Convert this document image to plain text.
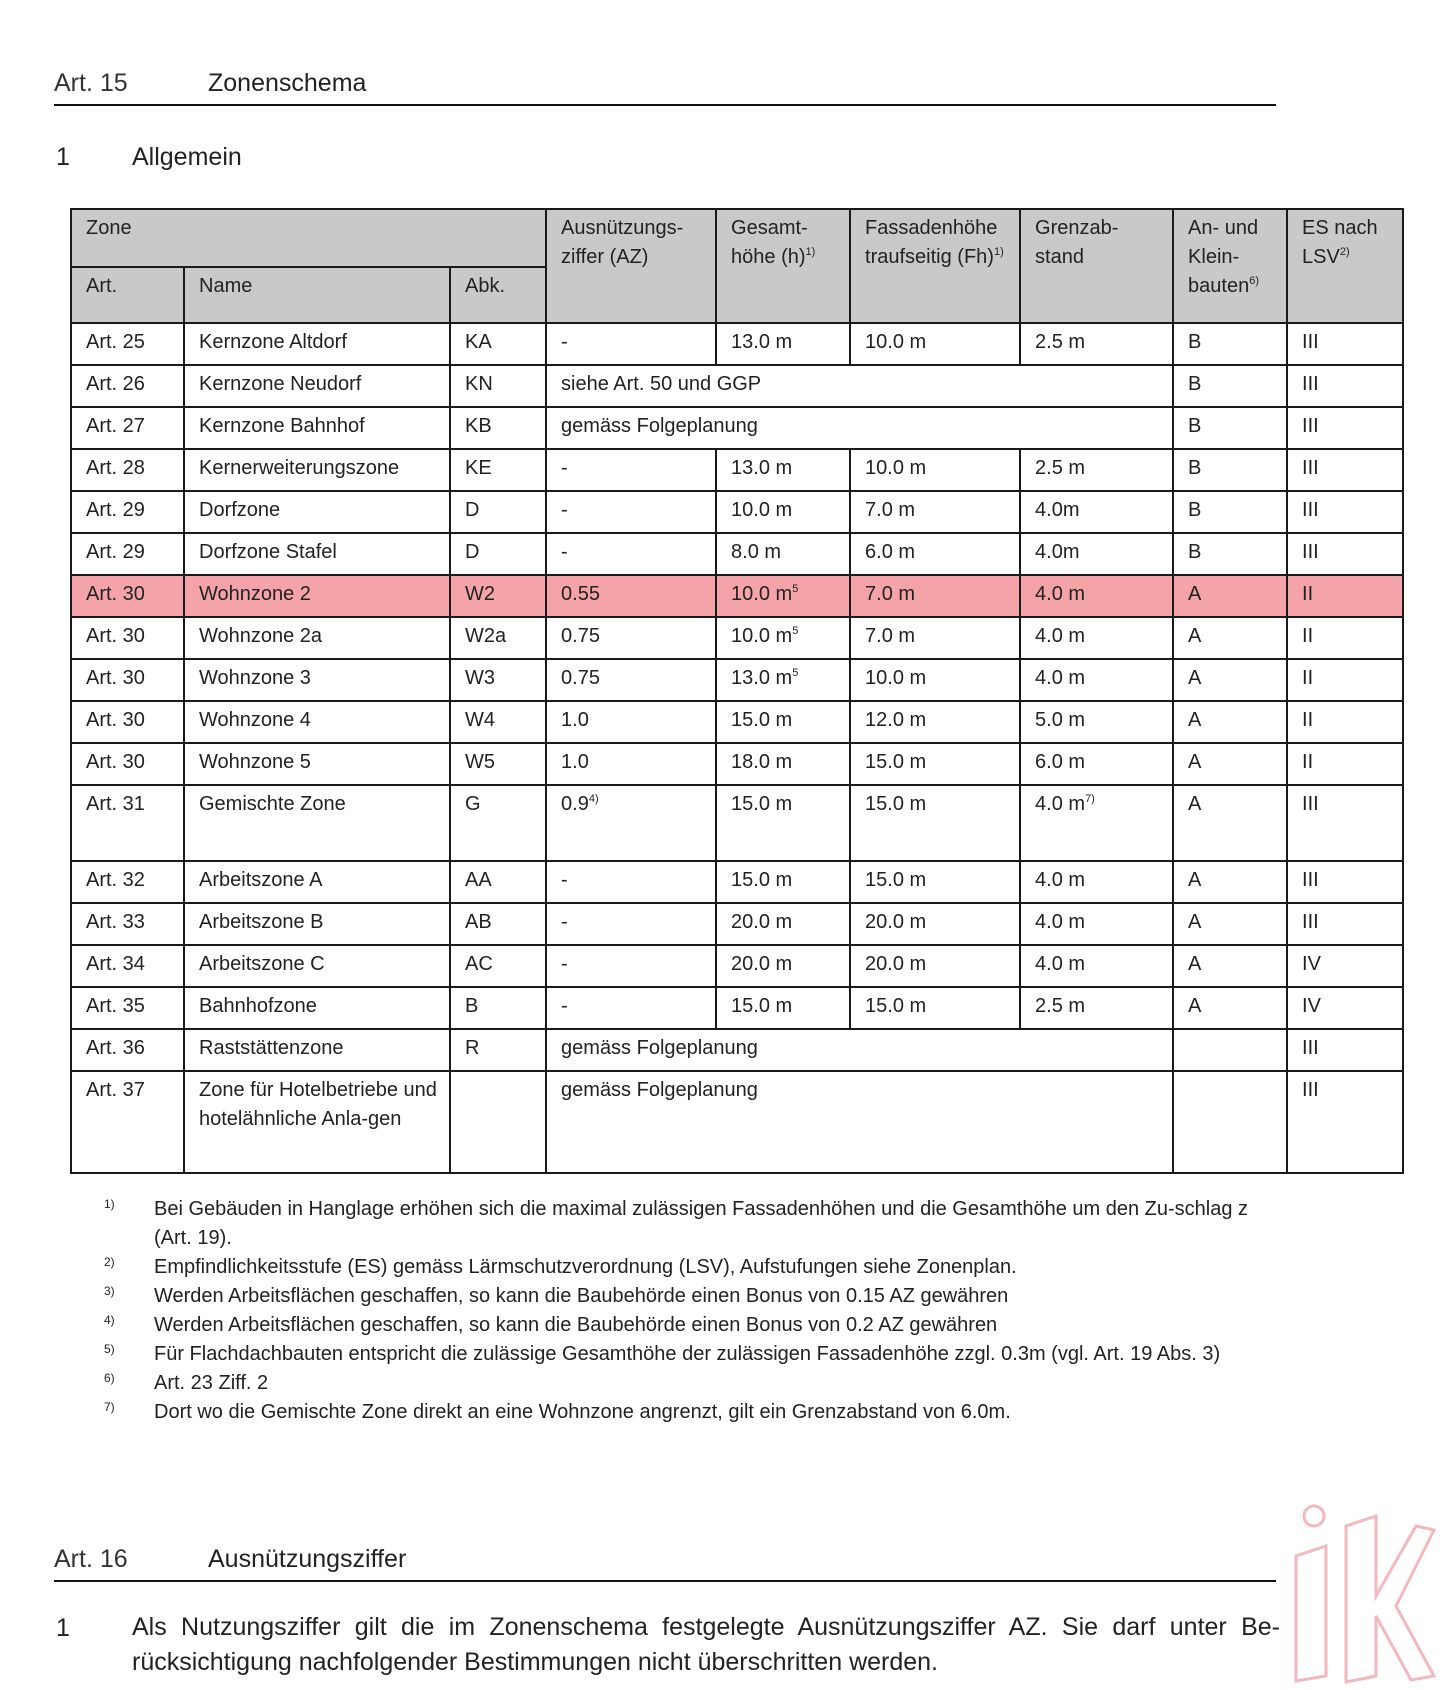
Art. 15	Zonenschema
1 Allgemein
Zone			Ausnützungs-ziffer (AZ)	Gesamt-höhe $(h)^{1)}$	Fassadenhöhe traufseitig $(Fh)^{1)}$	Grenzab-stand	An- und Klein-bauten$^{6)}$	ES nach LSV$^{2)}$
Art.	Name	Abk.						
Art. 25	Kernzone Altdorf	KA	-	13.0 m	10.0 m	2.5 m	B	III
Art. 26	Kernzone Neudorf	KN	siehe Art. 50 und GGP				B	III
Art. 27	Kernzone Bahnhof	KB	gemäss Folgeplanung				B	III
Art. 28	Kernerweiterungszone	KE	-	13.0 m	10.0 m	2.5 m	B	III
Art. 29	Dorfzone	D	-	10.0 m	7.0 m	4.0m	B	III
Art. 29	Dorfzone Stafel	D	-	8.0 m	6.0 m	4.0m	B	III
Art. 30	Wohnzone 2	W2	0.55	10.0 $m^5$	7.0 m	4.0 m	A	II
Art. 30	Wohnzone 2a	W2a	0.75	10.0 $m^5$	7.0 m	4.0 m	A	II
Art. 30	Wohnzone 3	W3	0.75	13.0 $m^5$	10.0 m	4.0 m	A	II
Art. 30	Wohnzone 4	W4	1.0	15.0 m	12.0 m	5.0 m	A	II
Art. 30	Wohnzone 5	W5	1.0	18.0 m	15.0 m	6.0 m	A	II
Art. 31	Gemischte Zone	G	0.9$^{4)}$	15.0 m	15.0 m	4.0 $m^{7)}$	A	III
Art. 32	Arbeitszone A	AA	-	15.0 m	15.0 m	4.0 m	A	III
Art. 33	Arbeitszone B	AB	-	20.0 m	20.0 m	4.0 m	A	III
Art. 34	Arbeitszone C	AC	-	20.0 m	20.0 m	4.0 m	A	IV
Art. 35	Bahnhofzone	B	-	15.0 m	15.0 m	2.5 m	A	IV
Art. 36	Raststättenzone	R	gemäss Folgeplanung					III
Art. 37	Zone für Hotelbetriebe und hotelähnliche Anla-gen		gemäss Folgeplanung					III
1) Bei Gebäuden in Hanglage erhöhen sich die maximal zulässigen Fassadenhöhen und die Gesamthöhe um den Zu-schlag z (Art. 19).
2) Empfindlichkeitsstufe (ES) gemäss Lärmschutzverordnung (LSV), Aufstufungen siehe Zonenplan.
3) Werden Arbeitsflächen geschaffen, so kann die Baubehörde einen Bonus von 0.15 AZ gewähren
4) Werden Arbeitsflächen geschaffen, so kann die Baubehörde einen Bonus von 0.2 AZ gewähren
5) Für Flachdachbauten entspricht die zulässige Gesamthöhe der zulässigen Fassadenhöhe zzgl. 0.3m (vgl. Art. 19 Abs. 3)
6) Art. 23 Ziff. 2
7) Dort wo die Gemischte Zone direkt an eine Wohnzone angrenzt, gilt ein Grenzabstand von 6.0m.
Art. 16	Ausnützungsziffer
1 Als Nutzungsziffer gilt die im Zonenschema festgelegte Ausnützungsziffer AZ. Sie darf unter Be-rücksichtigung nachfolgender Bestimmungen nicht überschritten werden.
